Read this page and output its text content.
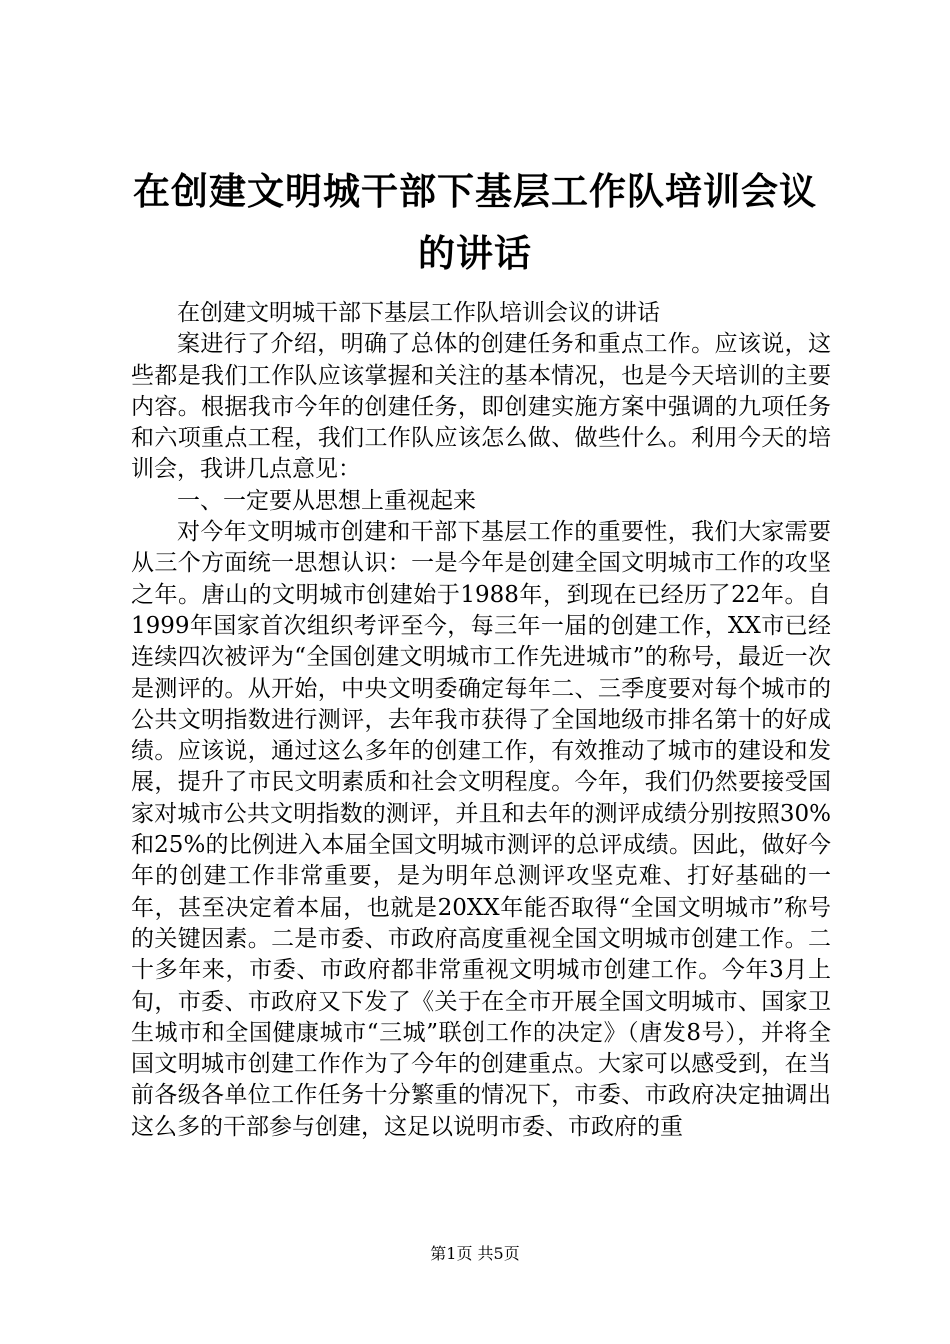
在创建文明城干部下基层工作队培训会议的讲话

在创建文明城干部下基层工作队培训会议的讲话

案进行了介绍，明确了总体的创建任务和重点工作。应该说，这些都是我们工作队应该掌握和关注的基本情况，也是今天培训的主要内容。根据我市今年的创建任务，即创建实施方案中强调的九项任务和六项重点工程，我们工作队应该怎么做、做些什么。利用今天的培训会，我讲几点意见：

一、一定要从思想上重视起来

对今年文明城市创建和干部下基层工作的重要性，我们大家需要从三个方面统一思想认识：一是今年是创建全国文明城市工作的攻坚之年。唐山的文明城市创建始于1988年，到现在已经历了22年。自1999年国家首次组织考评至今，每三年一届的创建工作，XX市已经连续四次被评为“全国创建文明城市工作先进城市”的称号，最近一次是测评的。从开始，中央文明委确定每年二、三季度要对每个城市的公共文明指数进行测评，去年我市获得了全国地级市排名第十的好成绩。应该说，通过这么多年的创建工作，有效推动了城市的建设和发展，提升了市民文明素质和社会文明程度。今年，我们仍然要接受国家对城市公共文明指数的测评，并且和去年的测评成绩分别按照30%和25%的比例进入本届全国文明城市测评的总评成绩。因此，做好今年的创建工作非常重要，是为明年总测评攻坚克难、打好基础的一年，甚至决定着本届，也就是20XX年能否取得“全国文明城市”称号的关键因素。二是市委、市政府高度重视全国文明城市创建工作。二十多年来，市委、市政府都非常重视文明城市创建工作。今年3月上旬，市委、市政府又下发了《关于在全市开展全国文明城市、国家卫生城市和全国健康城市“三城”联创工作的决定》（唐发8号），并将全国文明城市创建工作作为了今年的创建重点。大家可以感受到，在当前各级各单位工作任务十分繁重的情况下，市委、市政府决定抽调出这么多的干部参与创建，这足以说明市委、市政府的重

第1页 共5页
